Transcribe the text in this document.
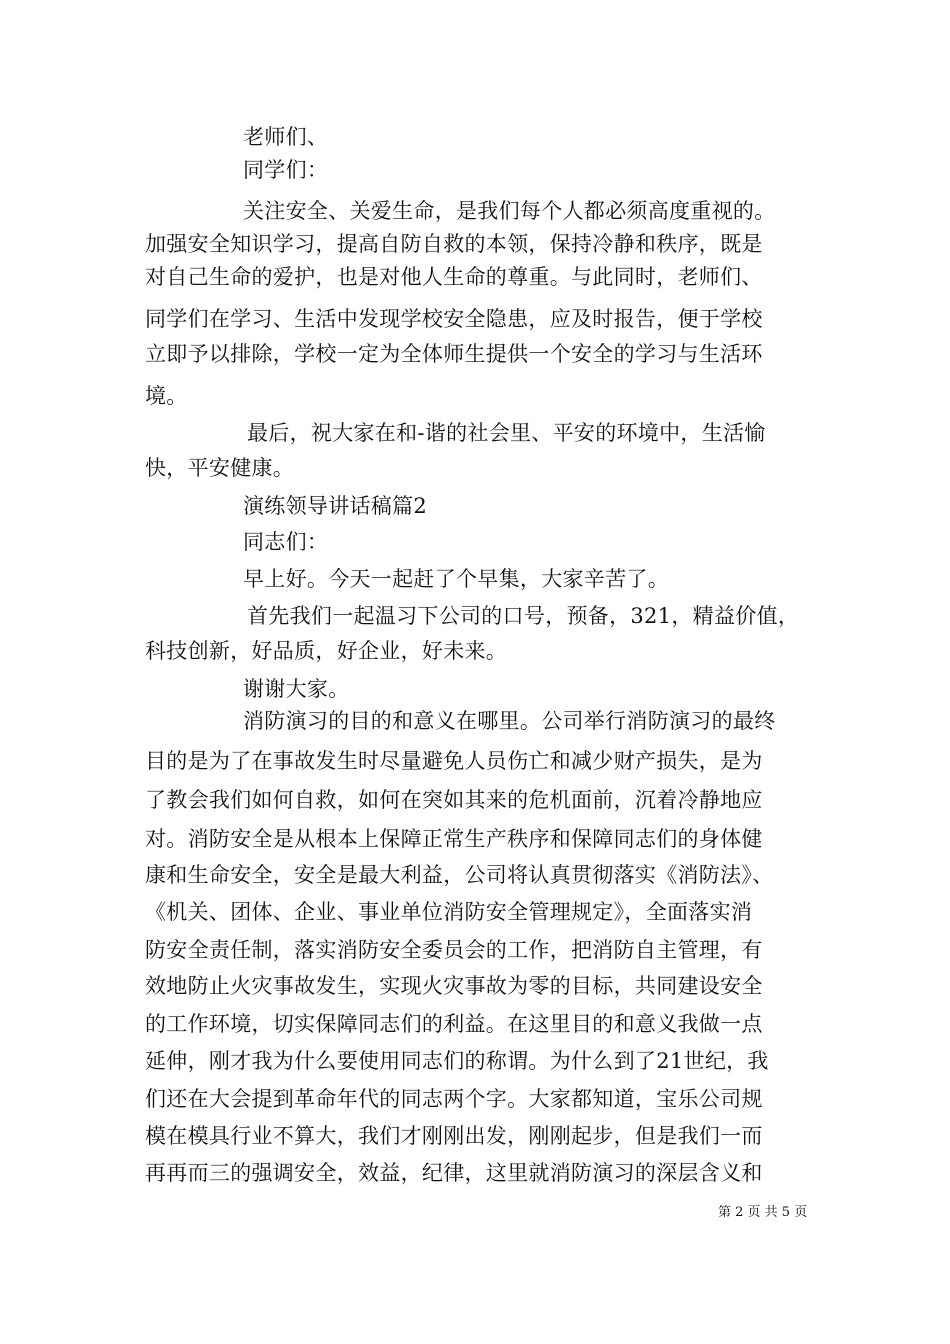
老师们、
同学们：
关注安全、关爱生命，是我们每个人都必须高度重视的。
加强安全知识学习，提高自防自救的本领，保持冷静和秩序，既是
对自己生命的爱护，也是对他人生命的尊重。与此同时，老师们、
同学们在学习、生活中发现学校安全隐患，应及时报告，便于学校
立即予以排除，学校一定为全体师生提供一个安全的学习与生活环
境。
最后，祝大家在和-谐的社会里、平安的环境中，生活愉
快，平安健康。
演练领导讲话稿篇2
同志们：
早上好。今天一起赶了个早集，大家辛苦了。
首先我们一起温习下公司的口号，预备，321，精益价值，
科技创新，好品质，好企业，好未来。
谢谢大家。
消防演习的目的和意义在哪里。公司举行消防演习的最终
目的是为了在事故发生时尽量避免人员伤亡和减少财产损失，是为
了教会我们如何自救，如何在突如其来的危机面前，沉着冷静地应
对。消防安全是从根本上保障正常生产秩序和保障同志们的身体健
康和生命安全，安全是最大利益，公司将认真贯彻落实《消防法》、
《机关、团体、企业、事业单位消防安全管理规定》，全面落实消
防安全责任制，落实消防安全委员会的工作，把消防自主管理，有
效地防止火灾事故发生，实现火灾事故为零的目标，共同建设安全
的工作环境，切实保障同志们的利益。在这里目的和意义我做一点
延伸，刚才我为什么要使用同志们的称谓。为什么到了21世纪，我
们还在大会提到革命年代的同志两个字。大家都知道，宝乐公司规
模在模具行业不算大，我们才刚刚出发，刚刚起步，但是我们一而
再再而三的强调安全，效益，纪律，这里就消防演习的深层含义和
第 2 页 共 5 页
